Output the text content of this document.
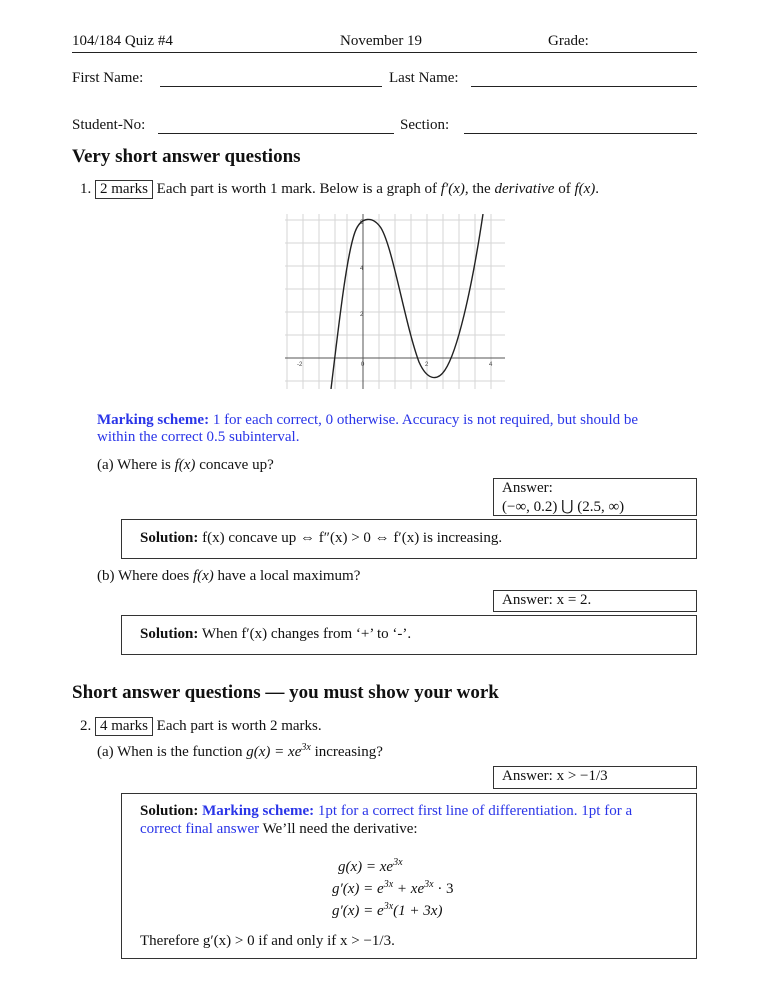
104/184 Quiz #4	November 19	Grade:
First Name:	Last Name:
Student-No:	Section:
Very short answer questions
1. 2 marks Each part is worth 1 mark. Below is a graph of f′(x), the derivative of f(x).
-2	0	2	4
6
4
2
Marking scheme: 1 for each correct, 0 otherwise. Accuracy is not required, but should be
within the correct 0.5 subinterval.
(a) Where is f(x) concave up?
Answer:
(−∞, 0.2) ⋃ (2.5, ∞)
Solution: f(x) concave up ⇔ f″(x) > 0 ⇔ f′(x) is increasing.
(b) Where does f(x) have a local maximum?
Answer: x = 2.
Solution: When f′(x) changes from ‘+’ to ‘-’.
Short answer questions — you must show your work
2. 4 marks Each part is worth 2 marks.
(a) When is the function $g(x) = xe^{3x}$ increasing?
Answer: x > −1/3
Solution: Marking scheme: 1pt for a correct first line of differentiation. 1pt for a
correct final answer We’ll need the derivative:
$g(x) = xe^{3x}$
$g'(x) = e^{3x} + xe^{3x} \cdot 3$
$g'(x) = e^{3x}(1 + 3x)$
Therefore g′(x) > 0 if and only if x > −1/3.
